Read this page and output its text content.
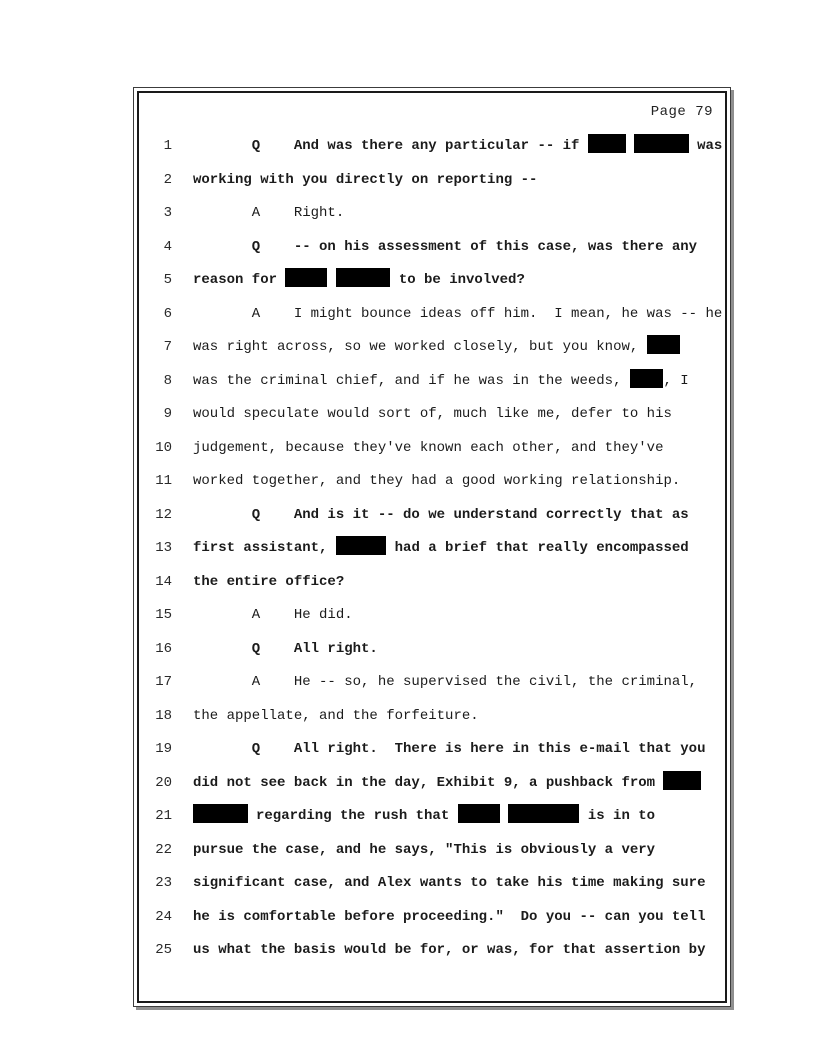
Page 79
1 Q    And was there any particular -- if	was
2 working with you directly on reporting --
3 A    Right.
4 Q    -- on his assessment of this case, was there any
5 reason for	to be involved?
6 A    I might bounce ideas off him.  I mean, he was -- he
7 was right across, so we worked closely, but you know,
8 was the criminal chief, and if he was in the weeds, , I
9 would speculate would sort of, much like me, defer to his
10 judgement, because they've known each other, and they've
11 worked together, and they had a good working relationship.
12 Q    And is it -- do we understand correctly that as
13 first assistant,	had a brief that really encompassed
14 the entire office?
15 A    He did.
16 Q    All right.
17 A    He -- so, he supervised the civil, the criminal,
18 the appellate, and the forfeiture.
19 Q    All right.  There is here in this e-mail that you
20 did not see back in the day, Exhibit 9, a pushback from
21	regarding the rush that	is in to
22 pursue the case, and he says, "This is obviously a very
23 significant case, and Alex wants to take his time making sure
24 he is comfortable before proceeding."  Do you -- can you tell
25 us what the basis would be for, or was, for that assertion by
